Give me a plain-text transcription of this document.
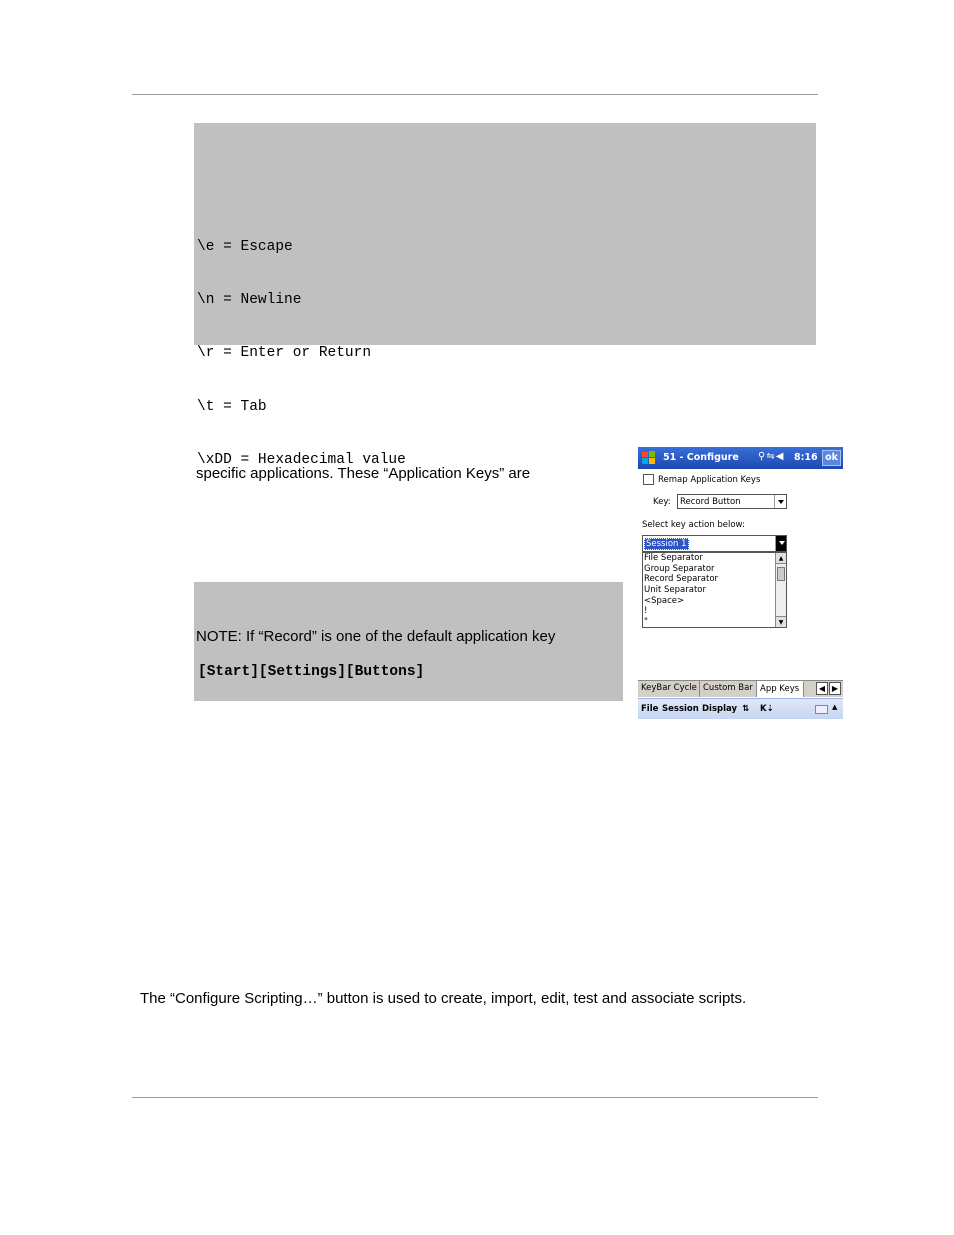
\e = Escape

\n = Newline

\r = Enter or Return

\t = Tab

\xDD = Hexadecimal value

specific applications. These “Application Keys” are
NOTE: If “Record” is one of the default application key
[Start][Settings][Buttons]
51 - Configure ⚲⇋◀ 8:16 ok
Remap Application Keys
Key: Record Button
Select key action below:
Session 1
File Separator
Group Separator
Record Separator
Unit Separator
<Space>
!
"
▲
▼
KeyBar Cycle Custom Bar App Keys	◀ ▶
File Session Display ⇅ K⇣	▲
The “Configure Scripting…” button is used to create, import, edit, test and associate scripts.
